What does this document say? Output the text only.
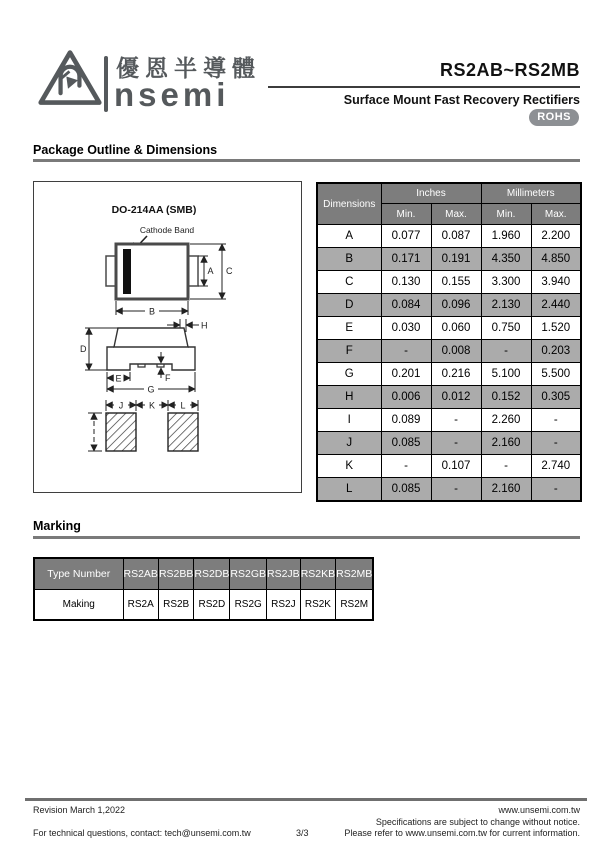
優恩半導體
nsemi
RS2AB~RS2MB
Surface Mount Fast Recovery Rectifiers
ROHS
Package Outline & Dimensions
DO-214AA (SMB)
Cathode Band
A C
B
H
D
E	F
G
J	K	L
Dimensions	Inches		Millimeters	
	Min.	Max.	Min.	Max.
A	0.077	0.087	1.960	2.200
B	0.171	0.191	4.350	4.850
C	0.130	0.155	3.300	3.940
D	0.084	0.096	2.130	2.440
E	0.030	0.060	0.750	1.520
F	-	0.008	-	0.203
G	0.201	0.216	5.100	5.500
H	0.006	0.012	0.152	0.305
I	0.089	-	2.260	-
J	0.085	-	2.160	-
K	-	0.107	-	2.740
L	0.085	-	2.160	-
Marking
Type Number	RS2AB	RS2BB	RS2DB	RS2GB	RS2JB	RS2KB	RS2MB
Making	RS2A	RS2B	RS2D	RS2G	RS2J	RS2K	RS2M
Revision March 1,2022	www.unsemi.com.tw
Specifications are subject to change without notice.
Please refer to www.unsemi.com.tw for current information.
For technical questions, contact: tech@unsemi.com.tw	3/3
